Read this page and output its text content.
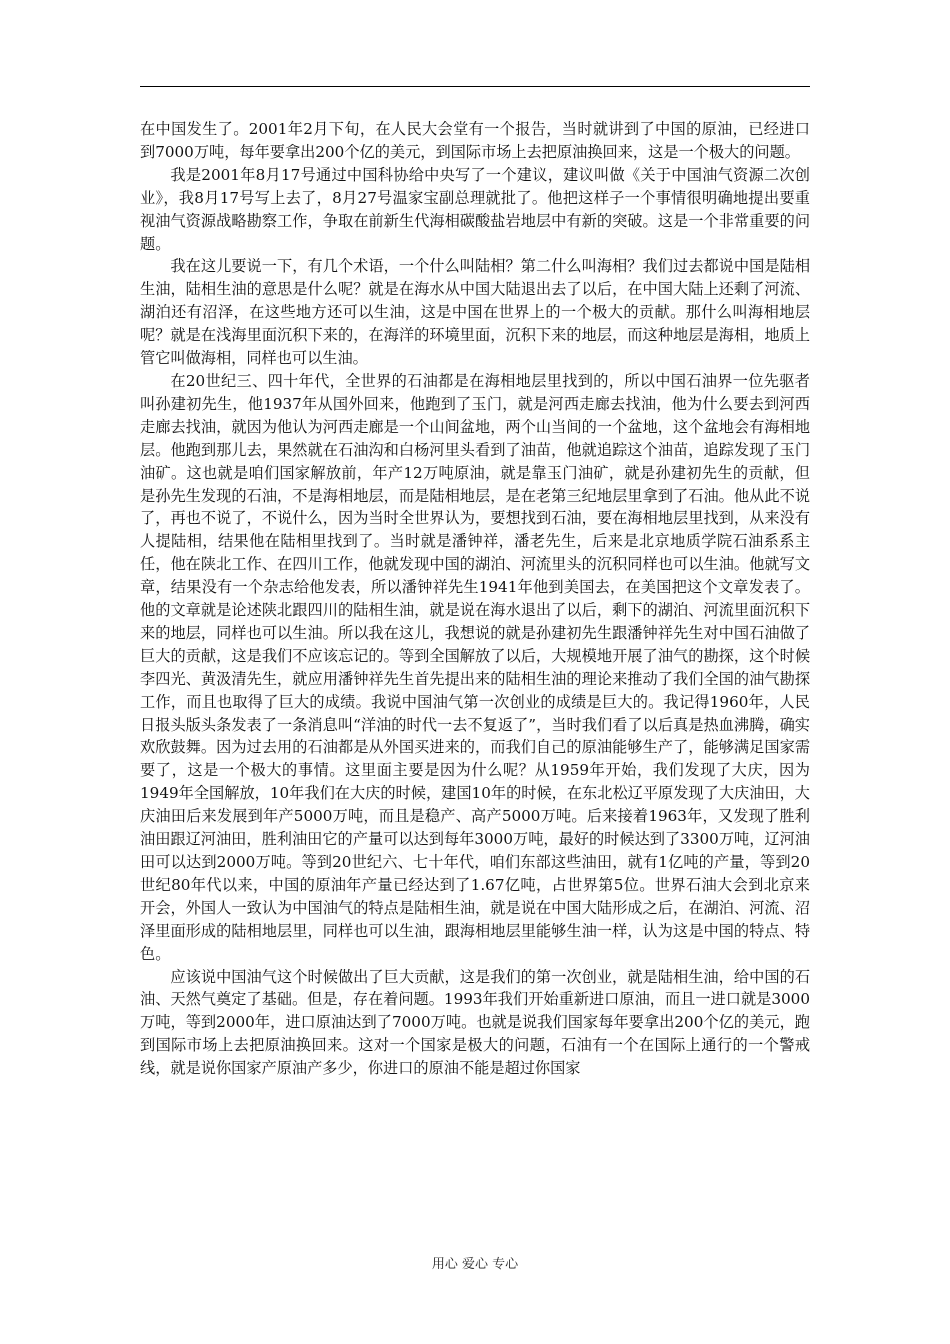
在中国发生了。2001年2月下旬，在人民大会堂有一个报告，当时就讲到了中国的原油，已经进口到7000万吨，每年要拿出200个亿的美元，到国际市场上去把原油换回来，这是一个极大的问题。

我是2001年8月17号通过中国科协给中央写了一个建议，建议叫做《关于中国油气资源二次创业》，我8月17号写上去了，8月27号温家宝副总理就批了。他把这样子一个事情很明确地提出要重视油气资源战略勘察工作，争取在前新生代海相碳酸盐岩地层中有新的突破。这是一个非常重要的问题。

我在这儿要说一下，有几个术语，一个什么叫陆相？第二什么叫海相？我们过去都说中国是陆相生油，陆相生油的意思是什么呢？就是在海水从中国大陆退出去了以后，在中国大陆上还剩了河流、湖泊还有沼泽，在这些地方还可以生油，这是中国在世界上的一个极大的贡献。那什么叫海相地层呢？就是在浅海里面沉积下来的，在海洋的环境里面，沉积下来的地层，而这种地层是海相，地质上管它叫做海相，同样也可以生油。

在20世纪三、四十年代，全世界的石油都是在海相地层里找到的，所以中国石油界一位先驱者叫孙建初先生，他1937年从国外回来，他跑到了玉门，就是河西走廊去找油，他为什么要去到河西走廊去找油，就因为他认为河西走廊是一个山间盆地，两个山当间的一个盆地，这个盆地会有海相地层。他跑到那儿去，果然就在石油沟和白杨河里头看到了油苗，他就追踪这个油苗，追踪发现了玉门油矿。这也就是咱们国家解放前，年产12万吨原油，就是靠玉门油矿，就是孙建初先生的贡献，但是孙先生发现的石油，不是海相地层，而是陆相地层，是在老第三纪地层里拿到了石油。他从此不说了，再也不说了，不说什么，因为当时全世界认为，要想找到石油，要在海相地层里找到，从来没有人提陆相，结果他在陆相里找到了。当时就是潘钟祥，潘老先生，后来是北京地质学院石油系系主任，他在陕北工作、在四川工作，他就发现中国的湖泊、河流里头的沉积同样也可以生油。他就写文章，结果没有一个杂志给他发表，所以潘钟祥先生1941年他到美国去，在美国把这个文章发表了。他的文章就是论述陕北跟四川的陆相生油，就是说在海水退出了以后，剩下的湖泊、河流里面沉积下来的地层，同样也可以生油。所以我在这儿，我想说的就是孙建初先生跟潘钟祥先生对中国石油做了巨大的贡献，这是我们不应该忘记的。等到全国解放了以后，大规模地开展了油气的勘探，这个时候李四光、黄汲清先生，就应用潘钟祥先生首先提出来的陆相生油的理论来推动了我们全国的油气勘探工作，而且也取得了巨大的成绩。我说中国油气第一次创业的成绩是巨大的。我记得1960年，人民日报头版头条发表了一条消息叫“洋油的时代一去不复返了”，当时我们看了以后真是热血沸腾，确实欢欣鼓舞。因为过去用的石油都是从外国买进来的，而我们自己的原油能够生产了，能够满足国家需要了，这是一个极大的事情。这里面主要是因为什么呢？从1959年开始，我们发现了大庆，因为1949年全国解放，10年我们在大庆的时候，建国10年的时候，在东北松辽平原发现了大庆油田，大庆油田后来发展到年产5000万吨，而且是稳产、高产5000万吨。后来接着1963年，又发现了胜利油田跟辽河油田，胜利油田它的产量可以达到每年3000万吨，最好的时候达到了3300万吨，辽河油田可以达到2000万吨。等到20世纪六、七十年代，咱们东部这些油田，就有1亿吨的产量，等到20世纪80年代以来，中国的原油年产量已经达到了1.67亿吨，占世界第5位。世界石油大会到北京来开会，外国人一致认为中国油气的特点是陆相生油，就是说在中国大陆形成之后，在湖泊、河流、沼泽里面形成的陆相地层里，同样也可以生油，跟海相地层里能够生油一样，认为这是中国的特点、特色。

应该说中国油气这个时候做出了巨大贡献，这是我们的第一次创业，就是陆相生油，给中国的石油、天然气奠定了基础。但是，存在着问题。1993年我们开始重新进口原油，而且一进口就是3000万吨，等到2000年，进口原油达到了7000万吨。也就是说我们国家每年要拿出200个亿的美元，跑到国际市场上去把原油换回来。这对一个国家是极大的问题，石油有一个在国际上通行的一个警戒线，就是说你国家产原油产多少，你进口的原油不能是超过你国家

用心 爱心 专心
